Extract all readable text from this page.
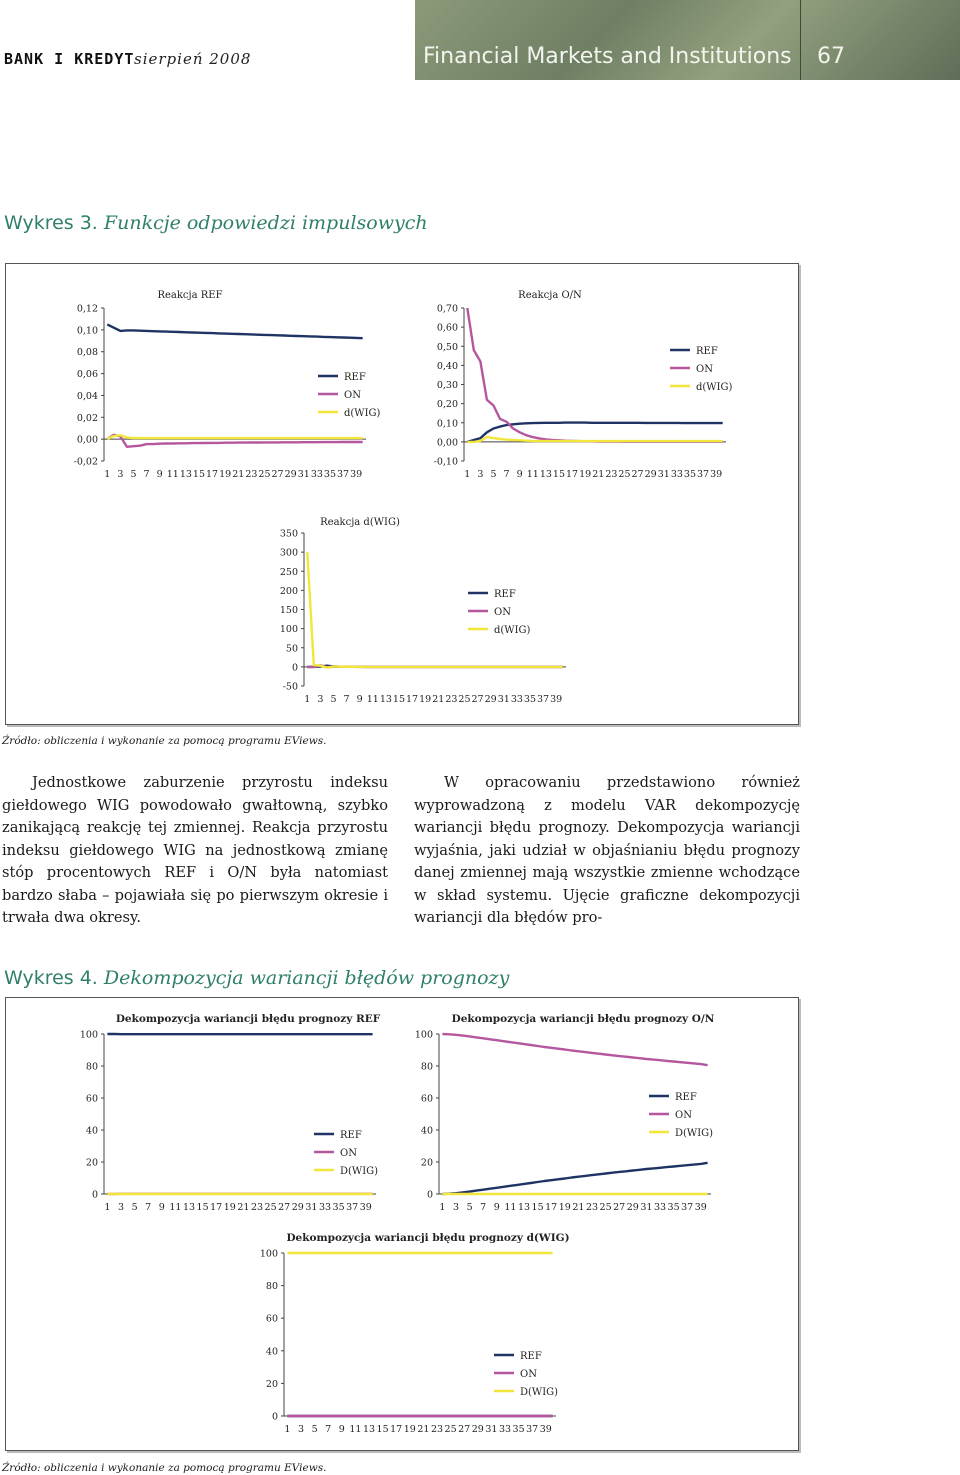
BANK I KREDYT sierpień 2008	Financial Markets and Institutions 67
Wykres 3. Funkcje odpowiedzi impulsowych
-0,02
0,00
0,02
0,04
0,06
0,08
0,10
0,12
1 3 5 7 9 11 13 15 17 19 21 23 25 27 29 31 33 35 37 39
Reakcja REF
REF
ON
d(WIG)
-0,10
0,00
0,10
0,20
0,30
0,40
0,50
0,60
0,70
1 3 5 7 9 11 13 15 17 19 21 23 25 27 29 31 33 35 37 39
Reakcja O/N
REF
ON
d(WIG)
-50
0
50
100
150
200
250
300
350
1 3 5 7 9 11 13 15 17 19 21 23 25 27 29 31 33 35 37 39
Reakcja d(WIG)
REF
ON
d(WIG)
Źródło: obliczenia i wykonanie za pomocą programu EViews.

Jednostkowe zaburzenie przyrostu indeksu giełdowego WIG powodowało gwałtowną, szybko zanikającą reakcję tej zmiennej. Reakcja przyrostu indeksu giełdowego WIG na jednostkową zmianę stóp procentowych REF i O/N była natomiast bardzo słaba – pojawiała się po pierwszym okresie i trwała dwa okresy.

W opracowaniu przedstawiono również wyprowadzoną z modelu VAR dekompozycję wariancji błędu prognozy. Dekompozycja wariancji wyjaśnia, jaki udział w objaśnianiu błędu prognozy danej zmiennej mają wszystkie zmienne wchodzące w skład systemu. Ujęcie graficzne dekompozycji wariancji dla błędów pro-

Wykres 4. Dekompozycja wariancji błędów prognozy
0
20
40
60
80
100
1 3 5 7 9 11 13 15 17 19 21 23 25 27 29 31 33 35 37 39
Dekompozycja wariancji błędu prognozy REF
REF
ON
D(WIG)
0
20
40
60
80
100
1 3 5 7 9 11 13 15 17 19 21 23 25 27 29 31 33 35 37 39
Dekompozycja wariancji błędu prognozy O/N
REF
ON
D(WIG)
0
20
40
60
80
100
1 3 5 7 9 11 13 15 17 19 21 23 25 27 29 31 33 35 37 39
Dekompozycja wariancji błędu prognozy d(WIG)
REF
ON
D(WIG)
Źródło: obliczenia i wykonanie za pomocą programu EViews.
